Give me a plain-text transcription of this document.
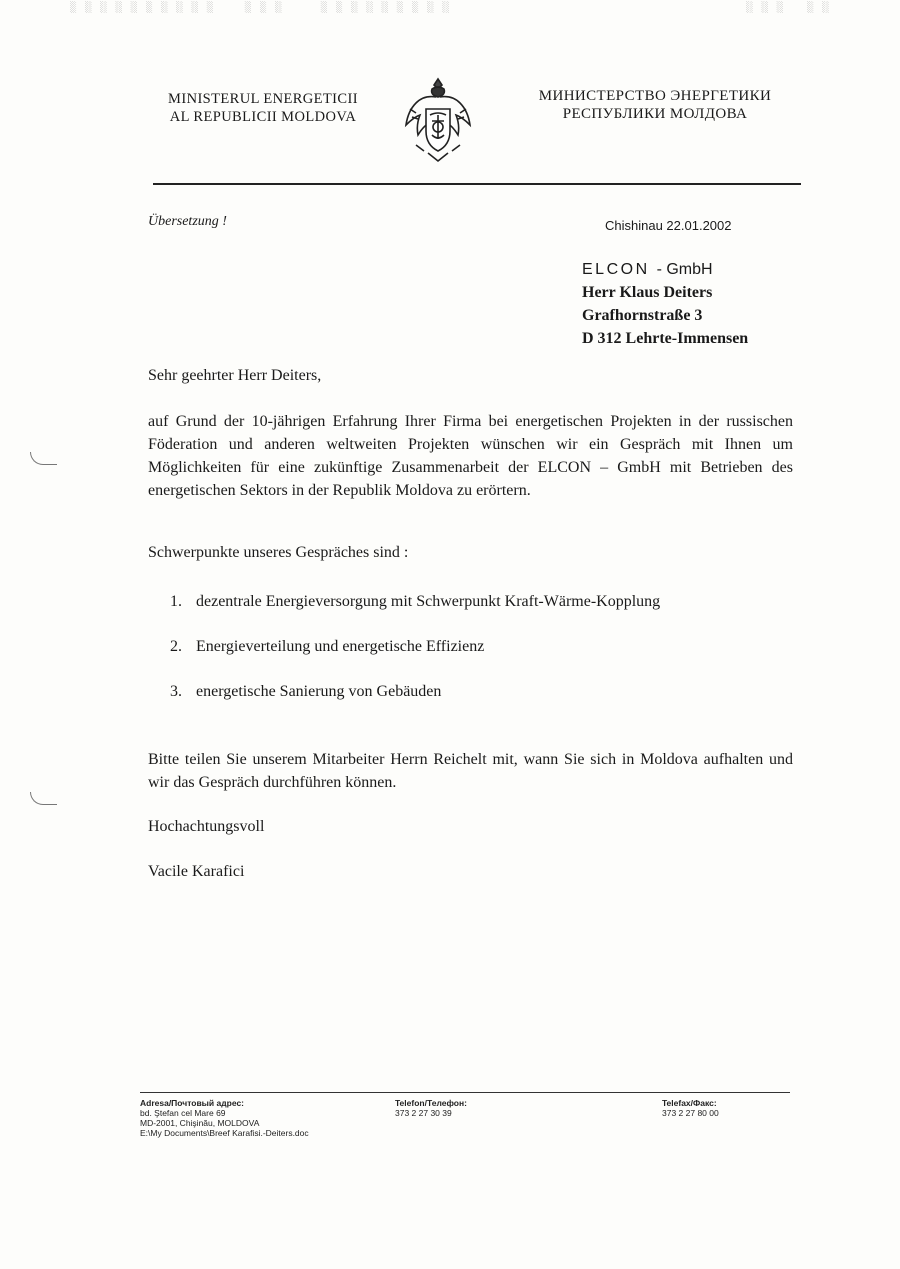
░ ░ ░ ░ ░ ░ ░ ░ ░ ░    ░ ░ ░     ░ ░ ░ ░ ░ ░ ░ ░ ░	░ ░ ░   ░ ░
MINISTERUL ENERGETICII
AL REPUBLICII MOLDOVA
МИНИСТЕРСТВО ЭНЕРГЕТИКИ
РЕСПУБЛИКИ МОЛДОВА
Übersetzung !	Chishinau 22.01.2002
ELCON - GmbH
Herr Klaus Deiters
Grafhornstraße 3
D 312 Lehrte-Immensen
Sehr geehrter Herr Deiters,
auf Grund der 10-jährigen Erfahrung Ihrer Firma bei energetischen Projekten in der russischen Föderation und anderen weltweiten Projekten wünschen wir ein Gespräch mit Ihnen um Möglichkeiten für eine zukünftige Zusammenarbeit der ELCON – GmbH mit Betrieben des energetischen Sektors in der Republik Moldova zu erörtern.
Schwerpunkte unseres Gespräches sind :
1. dezentrale Energieversorgung mit Schwerpunkt Kraft-Wärme-Kopplung
2. Energieverteilung und energetische Effizienz
3. energetische Sanierung von Gebäuden
Bitte teilen Sie unserem Mitarbeiter Herrn Reichelt mit, wann Sie sich in Moldova aufhalten und wir das Gespräch durchführen können.
Hochachtungsvoll
Vacile Karafici
Adresa/Почтовый адрес:
bd. Ştefan cel Mare 69
MD-2001, Chişinău, MOLDOVA
E:\My Documents\Breef Karafisi.-Deiters.doc
Telefon/Телефон:
373 2 27 30 39
Telefax/Факс:
373 2 27 80 00
